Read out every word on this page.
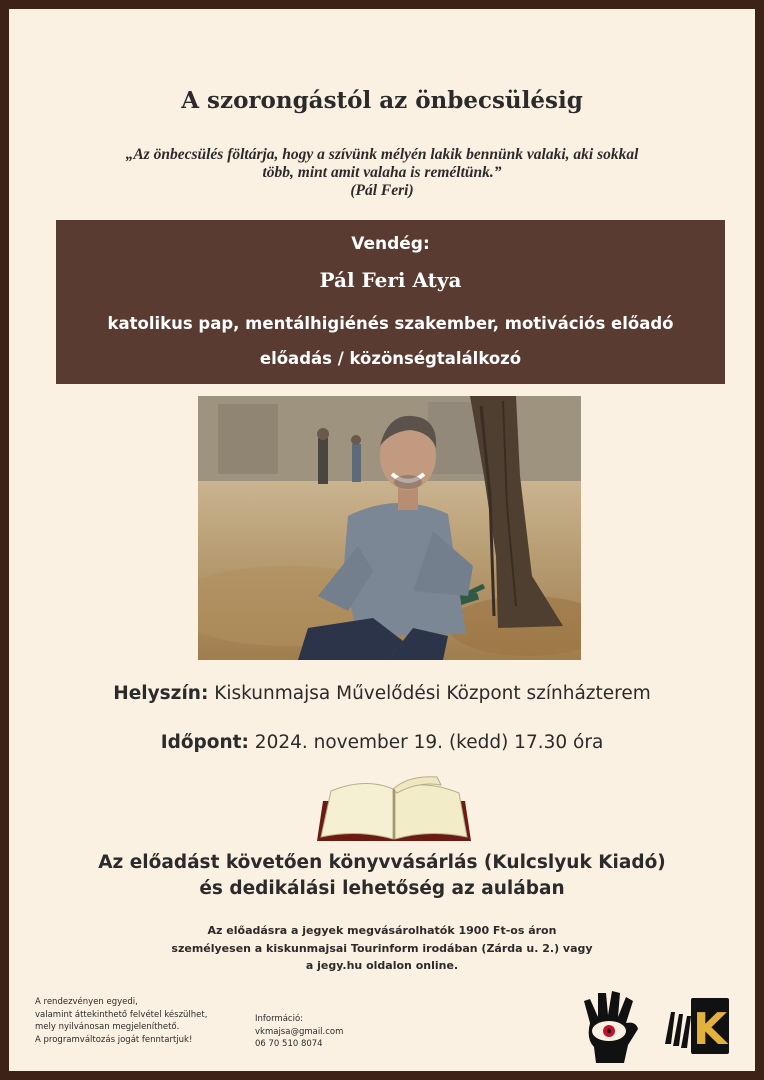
A szorongástól az önbecsülésig
„Az önbecsülés föltárja, hogy a szívünk mélyén lakik bennünk valaki, aki sokkal
több, mint amit valaha is reméltünk.”
(Pál Feri)
Vendég:
Pál Feri Atya
katolikus pap, mentálhigiénés szakember, motivációs előadó
előadás / közönségtalálkozó
Helyszín: Kiskunmajsa Művelődési Központ színházterem
Időpont: 2024. november 19. (kedd) 17.30 óra
Az előadást követően könyvvásárlás (Kulcslyuk Kiadó)
és dedikálási lehetőség az aulában
Az előadásra a jegyek megvásárolhatók 1900 Ft-os áron
személyesen a kiskunmajsai Tourinform irodában (Zárda u. 2.) vagy
a jegy.hu oldalon online.
A rendezvényen egyedi,
valamint áttekinthető felvétel készülhet,
mely nyilvánosan megjeleníthető.
A programváltozás jogát fenntartjuk!
Információ:
vkmajsa@gmail.com
06 70 510 8074	K
